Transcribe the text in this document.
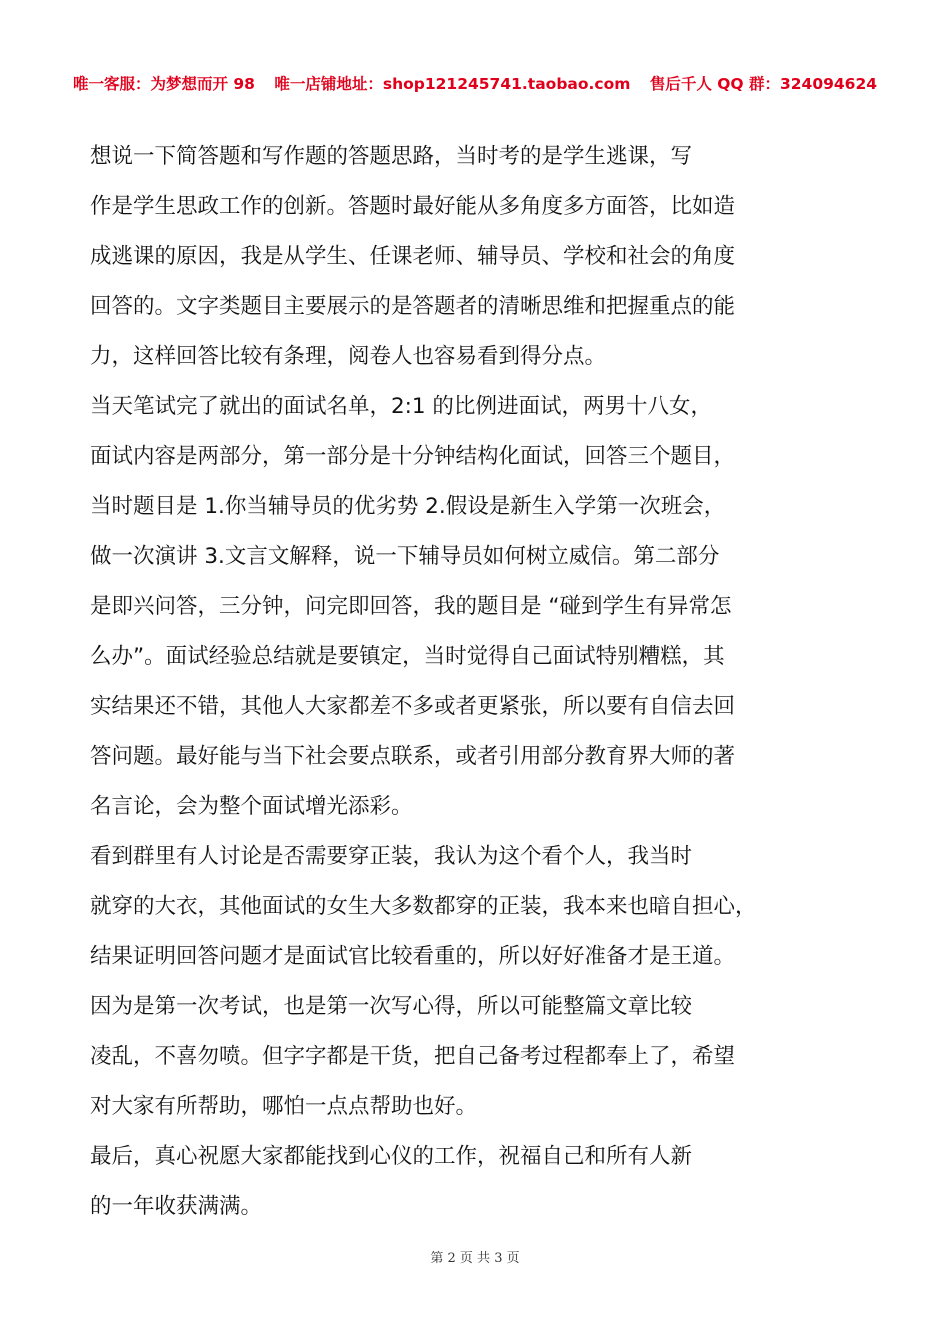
唯一客服：为梦想而开 98 唯一店铺地址：shop121245741.taobao.com 售后千人 QQ 群：324094624
想说一下简答题和写作题的答题思路，当时考的是学生逃课，写
作是学生思政工作的创新。答题时最好能从多角度多方面答，比如造
成逃课的原因，我是从学生、任课老师、辅导员、学校和社会的角度
回答的。文字类题目主要展示的是答题者的清晰思维和把握重点的能
力，这样回答比较有条理，阅卷人也容易看到得分点。
当天笔试完了就出的面试名单，2:1 的比例进面试，两男十八女，
面试内容是两部分，第一部分是十分钟结构化面试，回答三个题目，
当时题目是 1.你当辅导员的优劣势 2.假设是新生入学第一次班会，
做一次演讲 3.文言文解释，说一下辅导员如何树立威信。第二部分
是即兴问答，三分钟，问完即回答，我的题目是 “碰到学生有异常怎
么办”。面试经验总结就是要镇定，当时觉得自己面试特别糟糕，其
实结果还不错，其他人大家都差不多或者更紧张，所以要有自信去回
答问题。最好能与当下社会要点联系，或者引用部分教育界大师的著
名言论，会为整个面试增光添彩。
看到群里有人讨论是否需要穿正装，我认为这个看个人，我当时
就穿的大衣，其他面试的女生大多数都穿的正装，我本来也暗自担心，
结果证明回答问题才是面试官比较看重的，所以好好准备才是王道。
因为是第一次考试，也是第一次写心得，所以可能整篇文章比较
凌乱，不喜勿喷。但字字都是干货，把自己备考过程都奉上了，希望
对大家有所帮助，哪怕一点点帮助也好。
最后，真心祝愿大家都能找到心仪的工作，祝福自己和所有人新
的一年收获满满。
第 2 页 共 3 页
